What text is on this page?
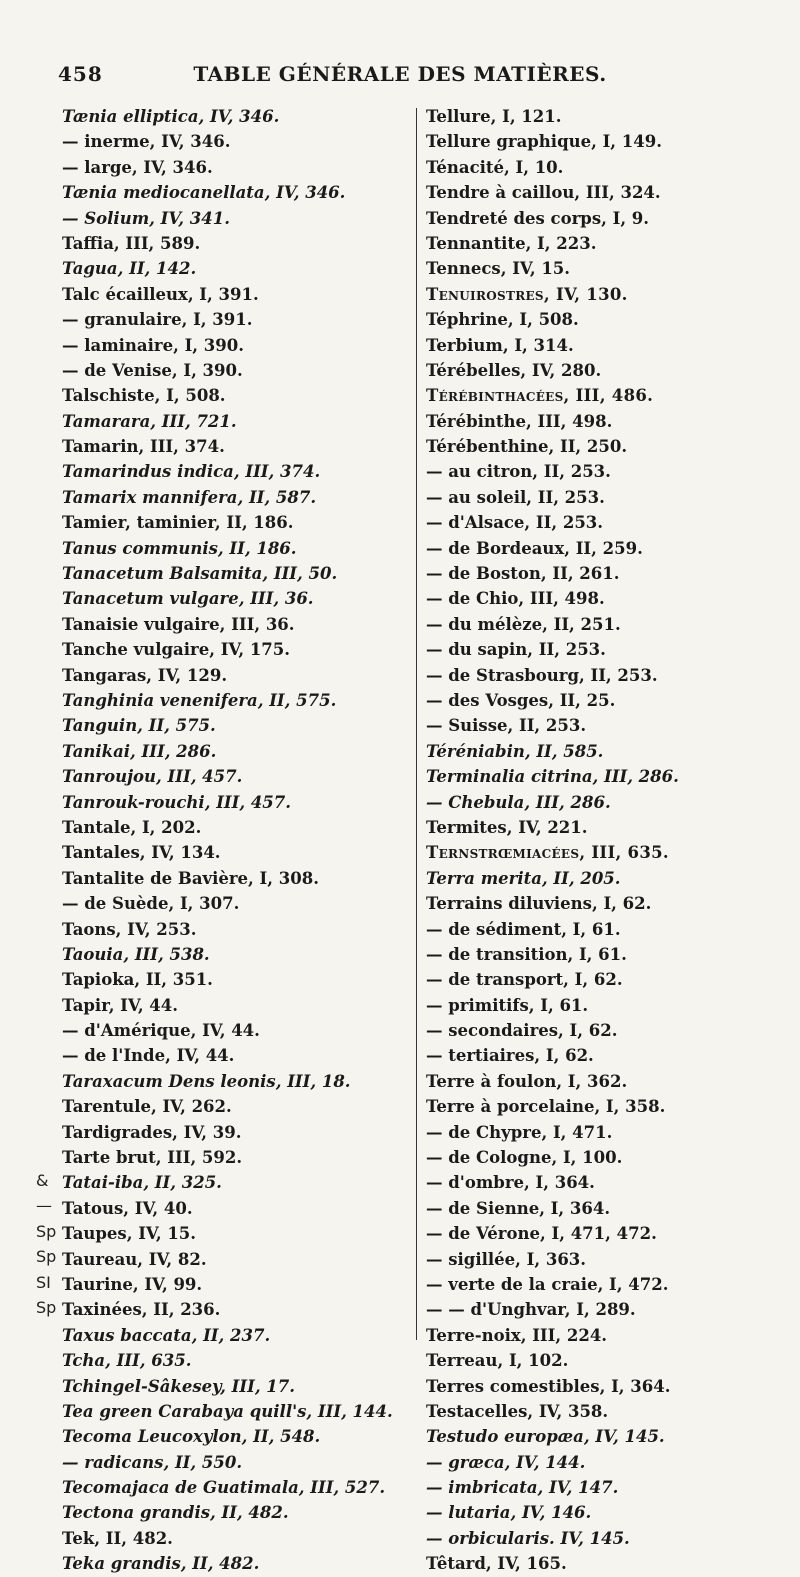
458	TABLE GÉNÉRALE DES MATIÈRES.
Tænia elliptica, IV, 346.
— inerme, IV, 346.
— large, IV, 346.
Tænia mediocanellata, IV, 346.
— Solium, IV, 341.
Taffia, III, 589.
Tagua, II, 142.
Talc écailleux, I, 391.
— granulaire, I, 391.
— laminaire, I, 390.
— de Venise, I, 390.
Talschiste, I, 508.
Tamarara, III, 721.
Tamarin, III, 374.
Tamarindus indica, III, 374.
Tamarix mannifera, II, 587.
Tamier, taminier, II, 186.
Tanus communis, II, 186.
Tanacetum Balsamita, III, 50.
Tanacetum vulgare, III, 36.
Tanaisie vulgaire, III, 36.
Tanche vulgaire, IV, 175.
Tangaras, IV, 129.
Tanghinia venenifera, II, 575.
Tanguin, II, 575.
Tanikai, III, 286.
Tanroujou, III, 457.
Tanrouk-rouchi, III, 457.
Tantale, I, 202.
Tantales, IV, 134.
Tantalite de Bavière, I, 308.
— de Suède, I, 307.
Taons, IV, 253.
Taouia, III, 538.
Tapioka, II, 351.
Tapir, IV, 44.
— d'Amérique, IV, 44.
— de l'Inde, IV, 44.
Taraxacum Dens leonis, III, 18.
Tarentule, IV, 262.
Tardigrades, IV, 39.
Tarte brut, III, 592.
Tatai-iba, II, 325.
Tatous, IV, 40.
Taupes, IV, 15.
Taureau, IV, 82.
Taurine, IV, 99.
Taxinées, II, 236.
Taxus baccata, II, 237.
Tcha, III, 635.
Tchingel-Sâkesey, III, 17.
Tea green Carabaya quill's, III, 144.
Tecoma Leucoxylon, II, 548.
— radicans, II, 550.
Tecomajaca de Guatimala, III, 527.
Tectona grandis, II, 482.
Tek, II, 482.
Teka grandis, II, 482.
Tellure, I, 121.
Tellure graphique, I, 149.
Ténacité, I, 10.
Tendre à caillou, III, 324.
Tendreté des corps, I, 9.
Tennantite, I, 223.
Tennecs, IV, 15.
Tenuirostres, IV, 130.
Téphrine, I, 508.
Terbium, I, 314.
Térébelles, IV, 280.
Térébinthacées, III, 486.
Térébinthe, III, 498.
Térébenthine, II, 250.
— au citron, II, 253.
— au soleil, II, 253.
— d'Alsace, II, 253.
— de Bordeaux, II, 259.
— de Boston, II, 261.
— de Chio, III, 498.
— du mélèze, II, 251.
— du sapin, II, 253.
— de Strasbourg, II, 253.
— des Vosges, II, 25.
— Suisse, II, 253.
Téréniabin, II, 585.
Terminalia citrina, III, 286.
— Chebula, III, 286.
Termites, IV, 221.
Ternstrœmiacées, III, 635.
Terra merita, II, 205.
Terrains diluviens, I, 62.
— de sédiment, I, 61.
— de transition, I, 61.
— de transport, I, 62.
— primitifs, I, 61.
— secondaires, I, 62.
— tertiaires, I, 62.
Terre à foulon, I, 362.
Terre à porcelaine, I, 358.
— de Chypre, I, 471.
— de Cologne, I, 100.
— d'ombre, I, 364.
— de Sienne, I, 364.
— de Vérone, I, 471, 472.
— sigillée, I, 363.
— verte de la craie, I, 472.
— — d'Unghvar, I, 289.
Terre-noix, III, 224.
Terreau, I, 102.
Terres comestibles, I, 364.
Testacelles, IV, 358.
Testudo europæa, IV, 145.
— græca, IV, 144.
— imbricata, IV, 147.
— lutaria, IV, 146.
— orbicularis. IV, 145.
Têtard, IV, 165.
&
—
Sp
Sp
SI
Sp
